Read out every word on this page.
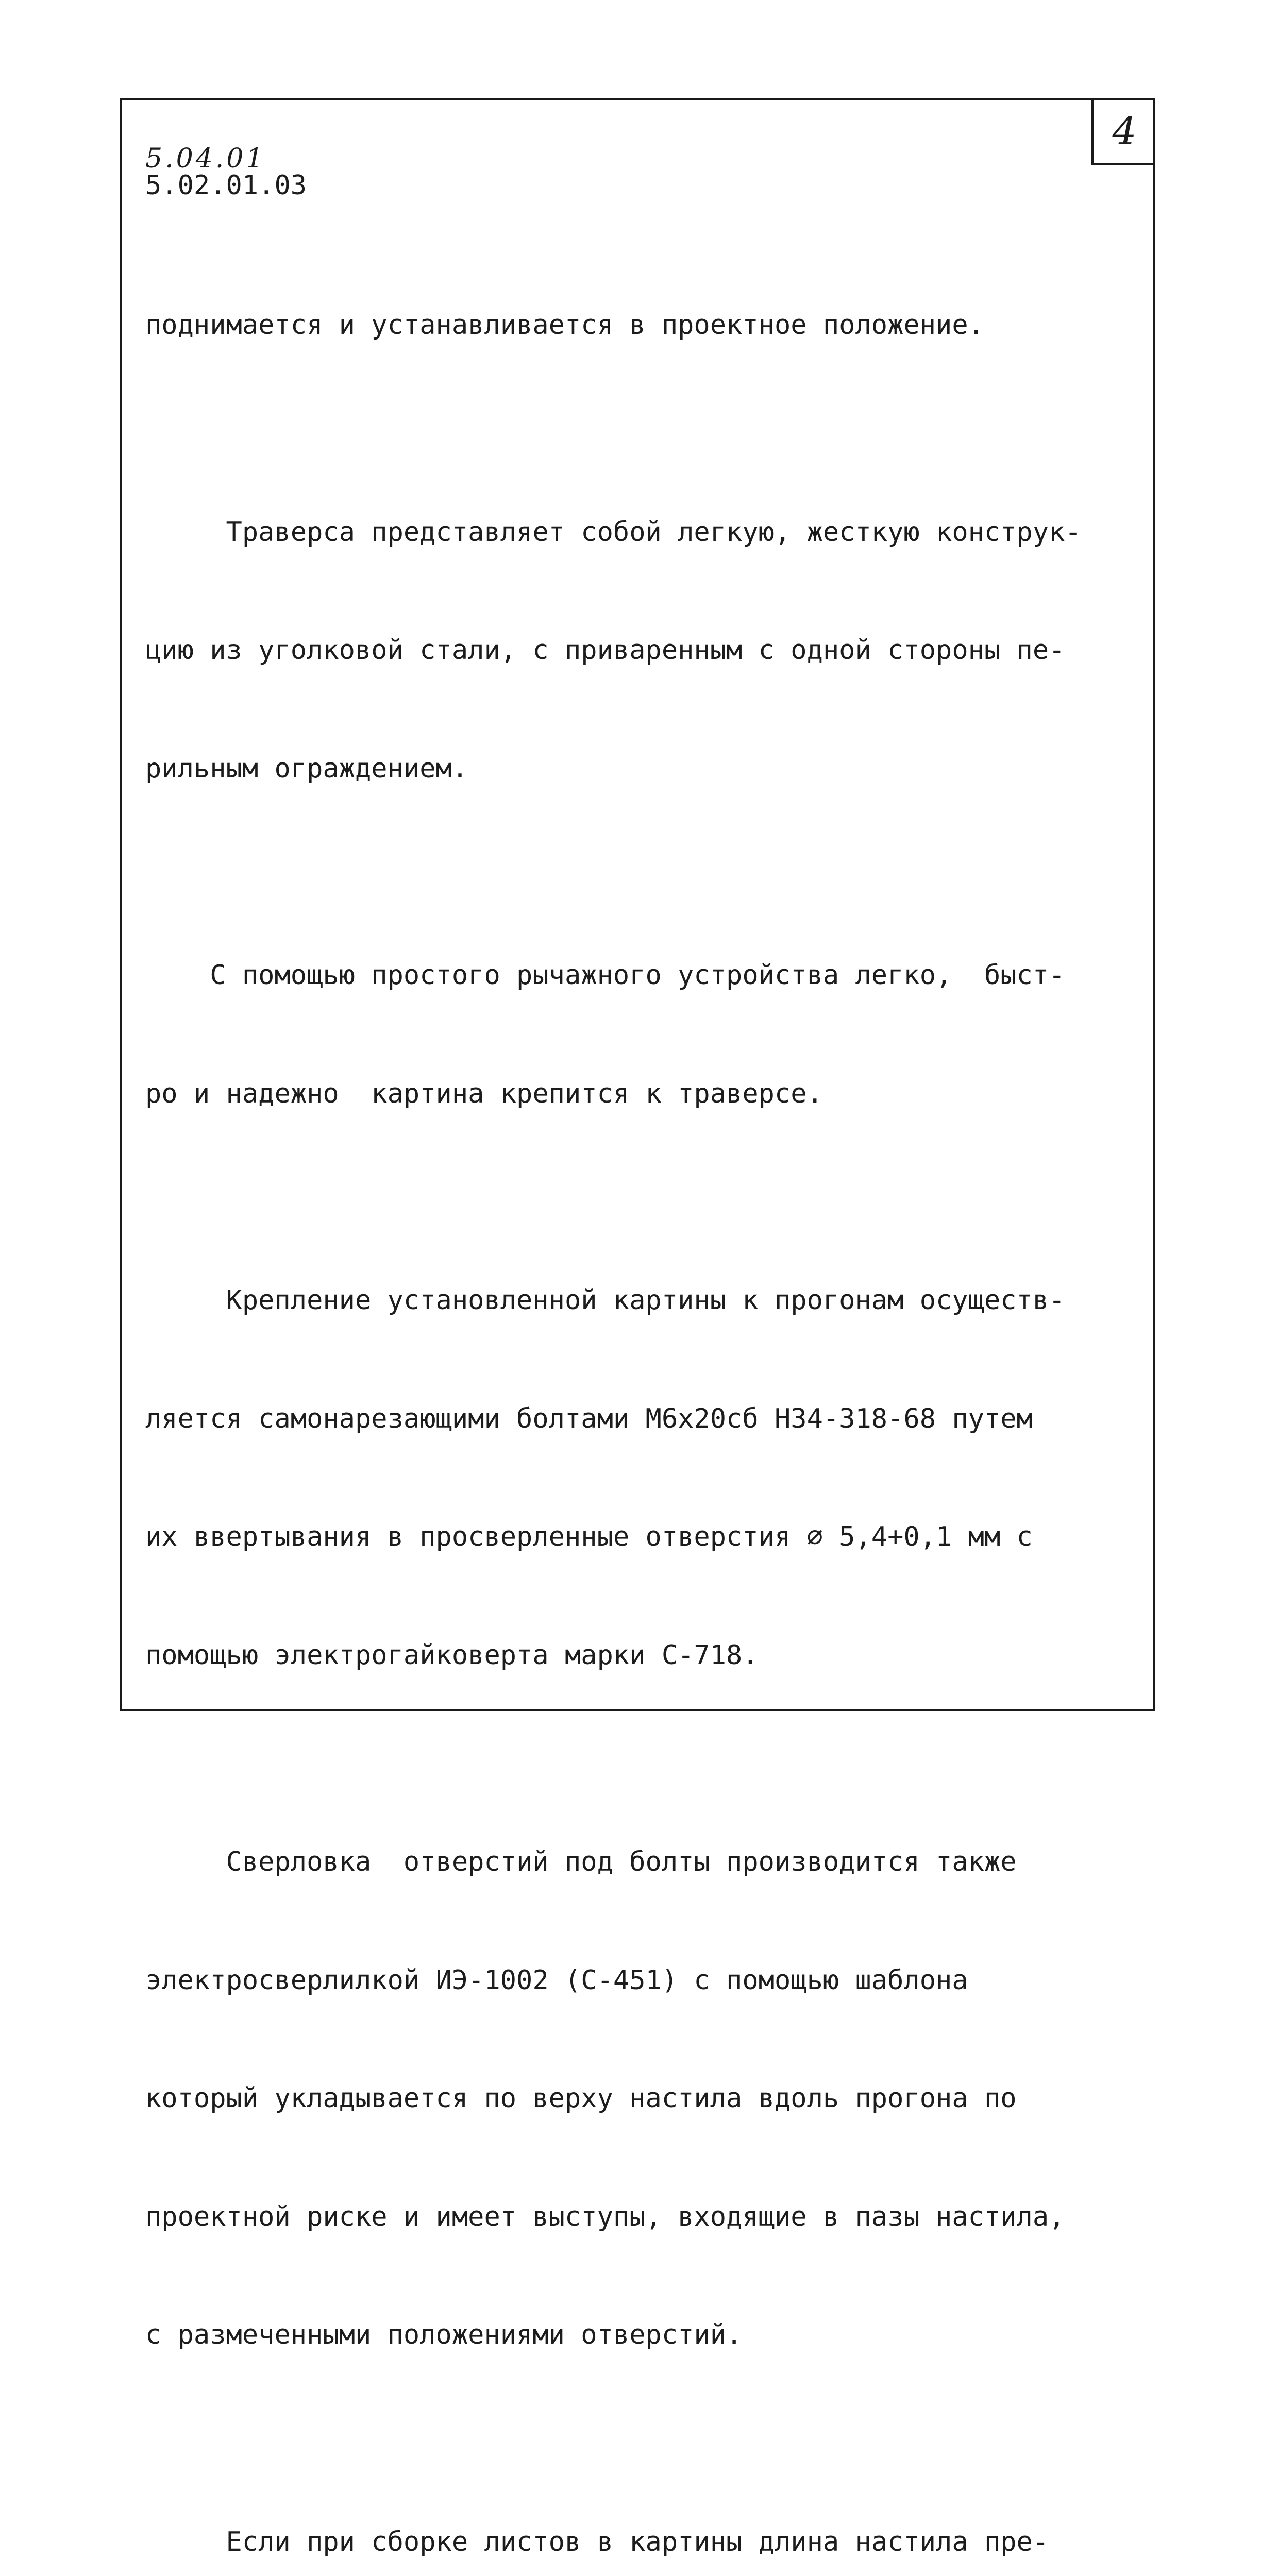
4
5.04.01
5.02.01.03

поднимается и устанавливается в проектное положение.

Траверса представляет собой легкую, жесткую конструк-

цию из уголковой стали, с приваренным с одной стороны пе-

рильным ограждением.

С помощью простого рычажного устройства легко,  быст-

ро и надежно  картина крепится к траверсе.

Крепление установленной картины к прогонам осуществ-

ляется самонарезающими болтами М6х20сб НЗ4-318-68 путем

их ввертывания в просверленные отверстия ∅ 5,4+0,1 мм с

помощью электрогайковерта марки С-718.

Сверловка  отверстий под болты производится также

электросверлилкой ИЭ-1002 (С-451) с помощью шаблона

который укладывается по верху настила вдоль прогона по

проектной риске и имеет выступы, входящие в пазы настила,

с размеченными положениями отверстий.

Если при сборке листов в картины длина настила пре-
